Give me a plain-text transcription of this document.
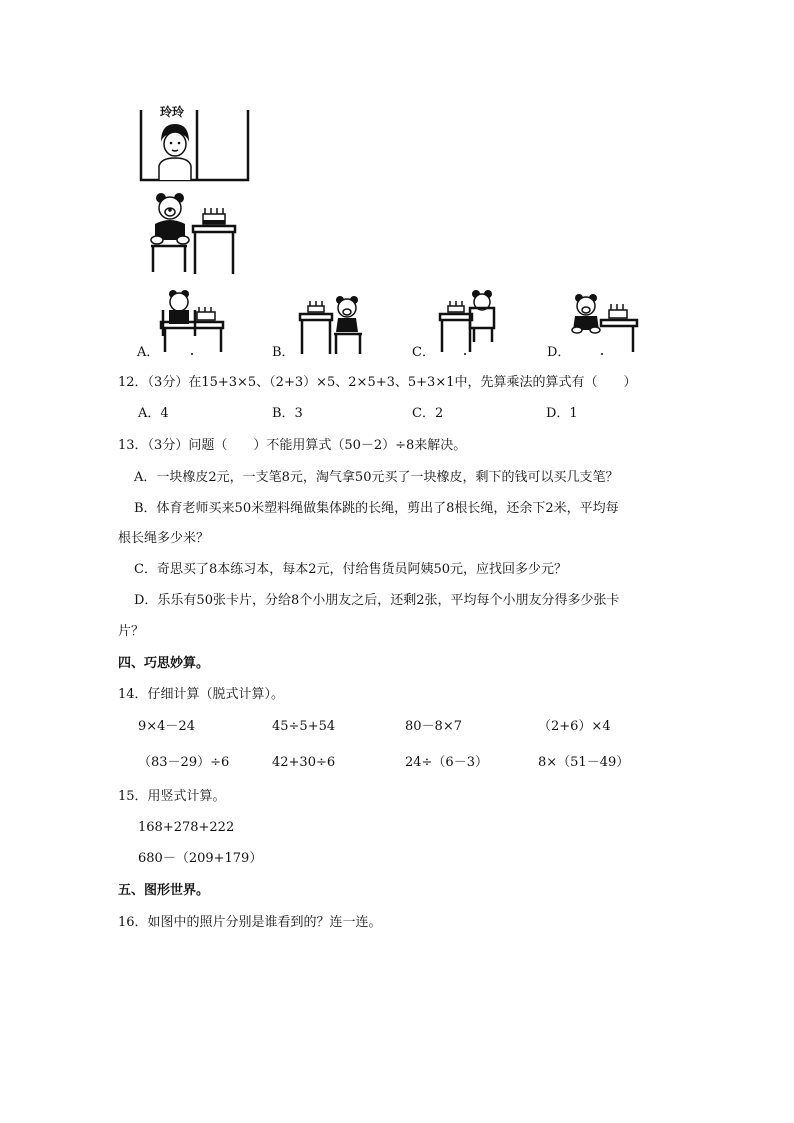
A．	B．	C．	D．
12．（3分）在15+3×5、（2+3）×5、2×5+3、5+3×1中，先算乘法的算式有（　　）
A．4	B．3	C．2	D．1
13．（3分）问题（　　）不能用算式（50－2）÷8来解决。
A．一块橡皮2元，一支笔8元，淘气拿50元买了一块橡皮，剩下的钱可以买几支笔？
B．体育老师买来50米塑料绳做集体跳的长绳，剪出了8根长绳，还余下2米，平均每
根长绳多少米？
C．奇思买了8本练习本，每本2元，付给售货员阿姨50元，应找回多少元？
D．乐乐有50张卡片，分给8个小朋友之后，还剩2张，平均每个小朋友分得多少张卡
片？
四、巧思妙算。
14．仔细计算（脱式计算）。
9×4－24	45÷5+54	80－8×7	（2+6）×4
（83－29）÷6	42+30÷6	24÷（6－3）	8×（51－49）
15．用竖式计算。
168+278+222
680－（209+179）
五、图形世界。
16．如图中的照片分别是谁看到的？连一连。
玲玲
